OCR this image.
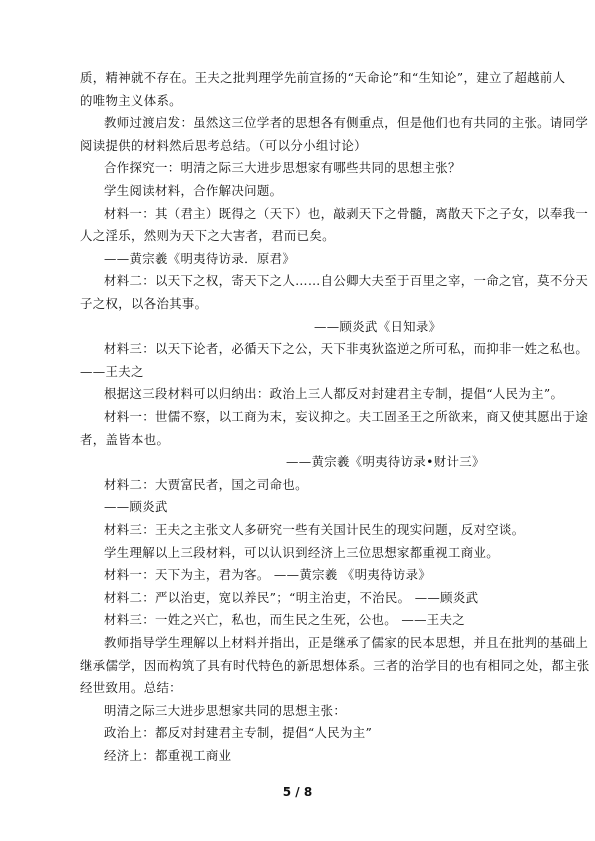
质，精神就不存在。王夫之批判理学先前宣扬的“天命论”和“生知论”，建立了超越前人
的唯物主义体系。
教师过渡启发：虽然这三位学者的思想各有侧重点，但是他们也有共同的主张。请同学
阅读提供的材料然后思考总结。（可以分小组讨论）
合作探究一：明清之际三大进步思想家有哪些共同的思想主张？
学生阅读材料，合作解决问题。
材料一：其（君主）既得之（天下）也，敲剥天下之骨髓，离散天下之子女，以奉我一
人之淫乐，然则为天下之大害者，君而已矣。
——黄宗羲《明夷待访录．原君》
材料二：以天下之权，寄天下之人……自公卿大夫至于百里之宰，一命之官，莫不分天
子之权，以各治其事。
——顾炎武《日知录》
材料三：以天下论者，必循天下之公，天下非夷狄盗逆之所可私，而抑非一姓之私也。
——王夫之
根据这三段材料可以归纳出：政治上三人都反对封建君主专制，提倡“人民为主”。
材料一：世儒不察，以工商为末，妄议抑之。夫工固圣王之所欲来，商又使其愿出于途
者，盖皆本也。
——黄宗羲《明夷待访录•财计三》
材料二：大贾富民者，国之司命也。
——顾炎武
材料三：王夫之主张文人多研究一些有关国计民生的现实问题，反对空谈。
学生理解以上三段材料，可以认识到经济上三位思想家都重视工商业。
材料一：天下为主，君为客。 ——黄宗羲 《明夷待访录》
材料二：严以治吏，宽以养民”；“明主治吏，不治民。 ——顾炎武
材料三：一姓之兴亡，私也，而生民之生死，公也。 ——王夫之
教师指导学生理解以上材料并指出，正是继承了儒家的民本思想，并且在批判的基础上
继承儒学，因而构筑了具有时代特色的新思想体系。三者的治学目的也有相同之处，都主张
经世致用。总结：
明清之际三大进步思想家共同的思想主张：
政治上：都反对封建君主专制，提倡“人民为主”
经济上：都重视工商业
5 / 8
